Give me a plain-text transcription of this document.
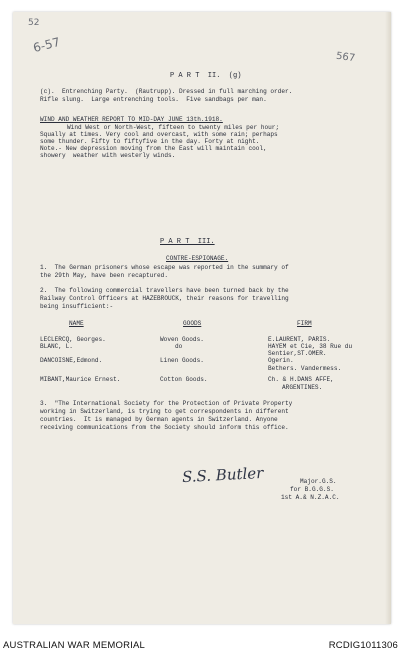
52
6-57
567
P A R T  II.  (g)
(c).  Entrenching Party.  (Rautrupp). Dressed in full marching order.
Rifle slung.  Large entrenching tools.  Five sandbags per man.
WIND AND WEATHER REPORT TO MID-DAY JUNE 13th.1918.
Wind West or North-West, fifteen to twenty miles per hour;
Squally at times. Very cool and overcast, with some rain; perhaps
some thunder. Fifty to fiftyfive in the day. Forty at night.
Note.- New depression moving from the East will maintain cool,
showery  weather with westerly winds.
P A R T  III.
CONTRE-ESPIONAGE.
1.  The German prisoners whose escape was reported in the summary of
the 29th May, have been recaptured.
2.  The following commercial travellers have been turned back by the
Railway Control Officers at HAZEBROUCK, their reasons for travelling
being insufficient:-
NAME	GOODS	FIRM
LECLERCQ, Georges.	Woven Goods.	E.LAURENT, PARIS.
BLANC, L.	do	HAYEM et Cie, 38 Rue du
Sentier,ST.OMER.
DANCOISNE,Edmond.	Linen Goods.	Ogerin.
Bethers. Vandermess.
MIBANT,Maurice Ernest.	Cotton Goods.	Ch. & H.DANS AFFE,
ARGENTINES.
3.  "The International Society for the Protection of Private Property
working in Switzerland, is trying to get correspondents in different
countries.  It is managed by German agents in Switzerland. Anyone
receiving communications from the Society should inform this office.
S.S. Butler	Major.G.S.
for B.G.G.S.
1st A.& N.Z.A.C.
AUSTRALIAN WAR MEMORIAL	RCDIG1011306
